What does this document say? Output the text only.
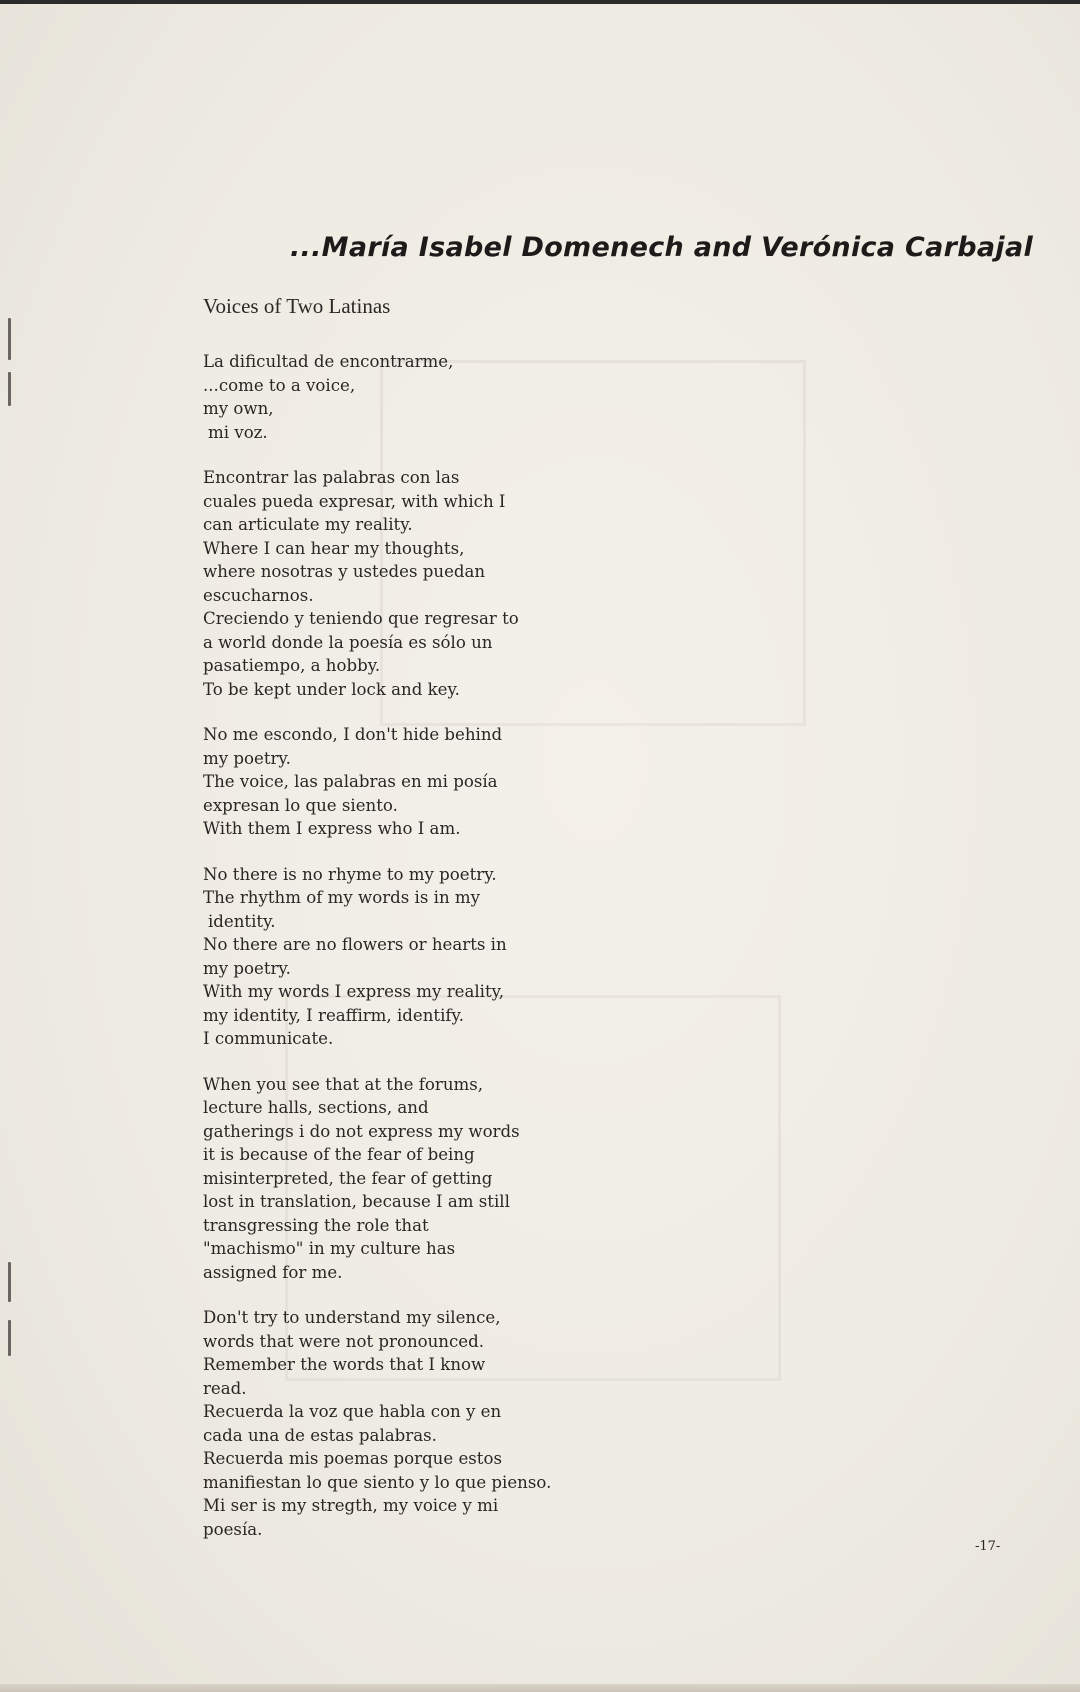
...María Isabel Domenech and Verónica Carbajal
Voices of Two Latinas
La dificultad de encontrarme,
...come to a voice,
my own,
mi voz.
Encontrar las palabras con las
cuales pueda expresar, with which I
can articulate my reality.
Where I can hear my thoughts,
where nosotras y ustedes puedan
escucharnos.
Creciendo y teniendo que regresar to
a world donde la poesía es sólo un
pasatiempo, a hobby.
To be kept under lock and key.
No me escondo, I don't hide behind
my poetry.
The voice, las palabras en mi posía
expresan lo que siento.
With them I express who I am.
No there is no rhyme to my poetry.
The rhythm of my words is in my
identity.
No there are no flowers or hearts in
my poetry.
With my words I express my reality,
my identity, I reaffirm, identify.
I communicate.
When you see that at the forums,
lecture halls, sections, and
gatherings i do not express my words
it is because of the fear of being
misinterpreted, the fear of getting
lost in translation, because I am still
transgressing the role that
"machismo" in my culture has
assigned for me.
Don't try to understand my silence,
words that were not pronounced.
Remember the words that I know
read.
Recuerda la voz que habla con y en
cada una de estas palabras.
Recuerda mis poemas porque estos
manifiestan lo que siento y lo que pienso.
Mi ser is my stregth, my voice y mi
poesía.
-17-
